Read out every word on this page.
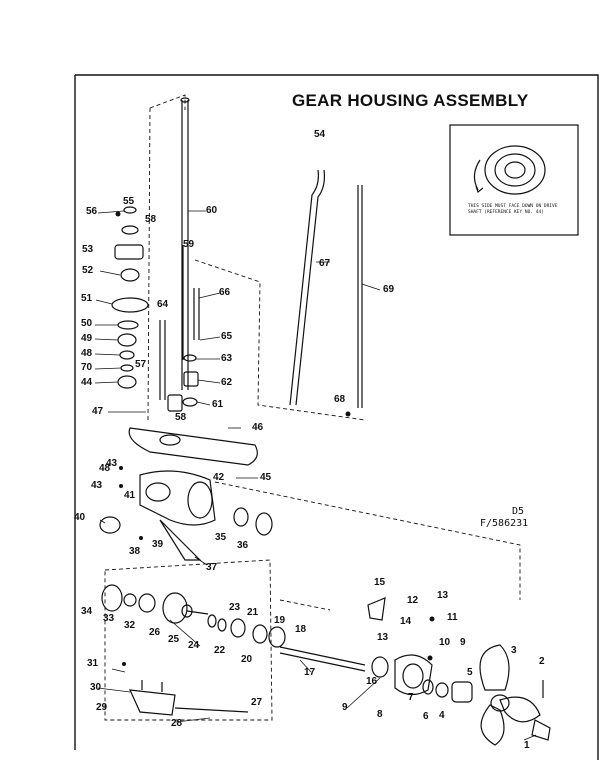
GEAR HOUSING ASSEMBLY
THIS SIDE MUST FACE DOWN ON DRIVE SHAFT (REFERENCE KEY NO. 44)
D5
F/586231
1
2
3
4
5
6
7
8
9
9
10
11
12 13
13
14
15
16
17
18
19
20
21
22
23
24
25
26
27
28
29
30
31
32
33
34
35
36
37
38
39
40
41
42
43
43
44
45
46
47
48
49
50
51
52
53
54
55
56
57
58
59
60
61
62
63
64
65
66
67
68
69
70
58
48
